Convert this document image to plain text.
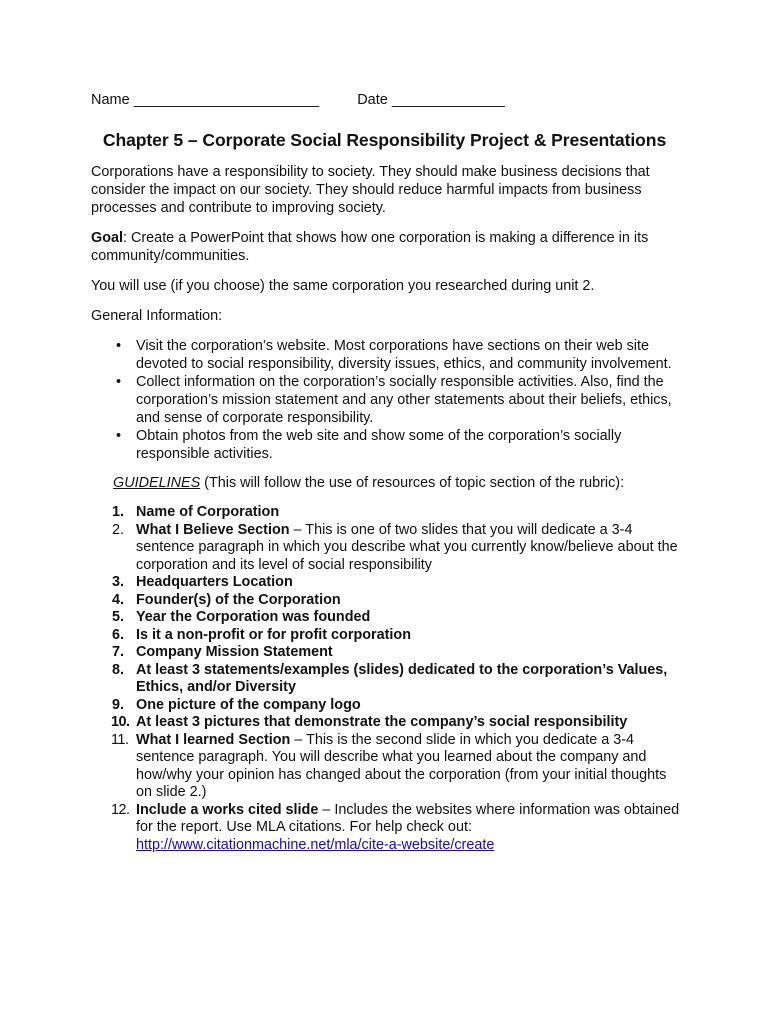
Name _______________________	Date ______________
Chapter 5 – Corporate Social Responsibility Project & Presentations

Corporations have a responsibility to society. They should make business decisions that consider the impact on our society. They should reduce harmful impacts from business processes and contribute to improving society.

Goal: Create a PowerPoint that shows how one corporation is making a difference in its community/communities.

You will use (if you choose) the same corporation you researched during unit 2.

General Information:

• Visit the corporation’s website. Most corporations have sections on their web site devoted to social responsibility, diversity issues, ethics, and community involvement.
• Collect information on the corporation’s socially responsible activities. Also, find the corporation’s mission statement and any other statements about their beliefs, ethics, and sense of corporate responsibility.
• Obtain photos from the web site and show some of the corporation’s socially responsible activities.

GUIDELINES (This will follow the use of resources of topic section of the rubric):

1. Name of Corporation
2. What I Believe Section – This is one of two slides that you will dedicate a 3-4 sentence paragraph in which you describe what you currently know/believe about the corporation and its level of social responsibility
3. Headquarters Location
4. Founder(s) of the Corporation
5. Year the Corporation was founded
6. Is it a non-profit or for profit corporation
7. Company Mission Statement
8. At least 3 statements/examples (slides) dedicated to the corporation’s Values, Ethics, and/or Diversity
9. One picture of the company logo
10. At least 3 pictures that demonstrate the company’s social responsibility
11. What I learned Section – This is the second slide in which you dedicate a 3-4 sentence paragraph. You will describe what you learned about the company and how/why your opinion has changed about the corporation (from your initial thoughts on slide 2.)
12. Include a works cited slide – Includes the websites where information was obtained for the report. Use MLA citations. For help check out:
http://www.citationmachine.net/mla/cite-a-website/create
